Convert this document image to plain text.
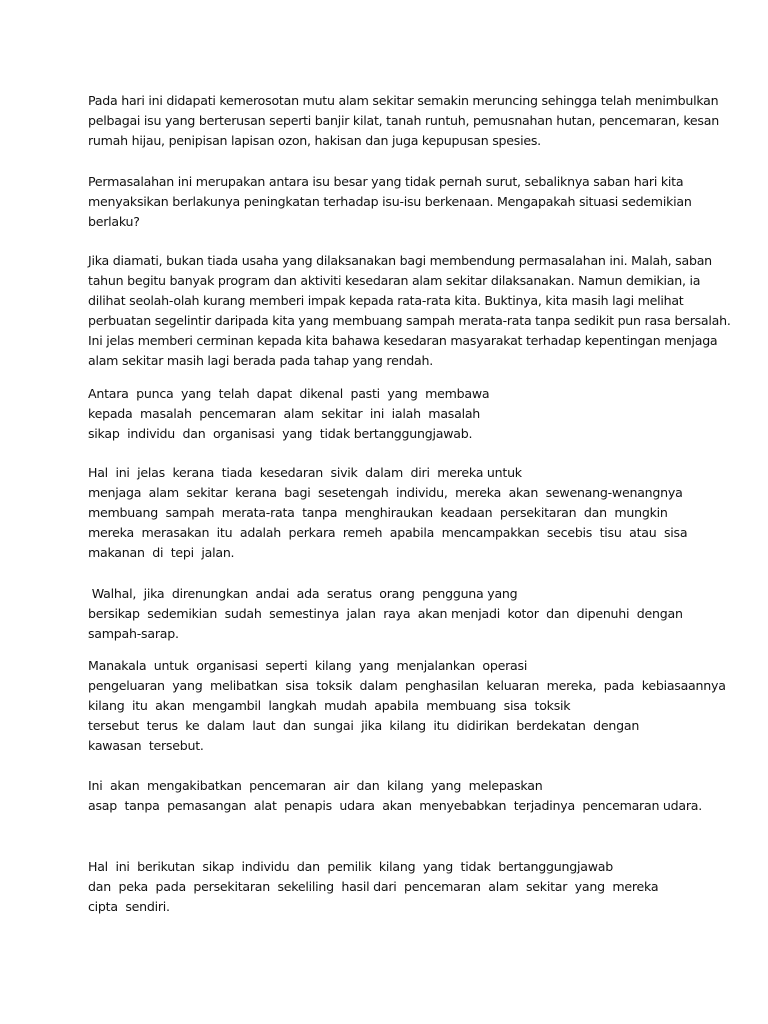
Pada hari ini didapati kemerosotan mutu alam sekitar semakin meruncing sehingga telah menimbulkan
pelbagai isu yang berterusan seperti banjir kilat, tanah runtuh, pemusnahan hutan, pencemaran, kesan
rumah hijau, penipisan lapisan ozon, hakisan dan juga kepupusan spesies.
Permasalahan ini merupakan antara isu besar yang tidak pernah surut, sebaliknya saban hari kita
menyaksikan berlakunya peningkatan terhadap isu-isu berkenaan. Mengapakah situasi sedemikian
berlaku?
Jika diamati, bukan tiada usaha yang dilaksanakan bagi membendung permasalahan ini. Malah, saban
tahun begitu banyak program dan aktiviti kesedaran alam sekitar dilaksanakan. Namun demikian, ia
dilihat seolah-olah kurang memberi impak kepada rata-rata kita. Buktinya, kita masih lagi melihat
perbuatan segelintir daripada kita yang membuang sampah merata-rata tanpa sedikit pun rasa bersalah.
Ini jelas memberi cerminan kepada kita bahawa kesedaran masyarakat terhadap kepentingan menjaga
alam sekitar masih lagi berada pada tahap yang rendah.
Antara  punca  yang  telah  dapat  dikenal  pasti  yang  membawa
kepada  masalah  pencemaran  alam  sekitar  ini  ialah  masalah
sikap  individu  dan  organisasi  yang  tidak bertanggungjawab.
Hal  ini  jelas  kerana  tiada  kesedaran  sivik  dalam  diri  mereka untuk
menjaga  alam  sekitar  kerana  bagi  sesetengah  individu,  mereka  akan  sewenang-wenangnya
membuang  sampah  merata-rata  tanpa  menghiraukan  keadaan  persekitaran  dan  mungkin
mereka  merasakan  itu  adalah  perkara  remeh  apabila  mencampakkan  secebis  tisu  atau  sisa
makanan  di  tepi  jalan.
Walhal,  jika  direnungkan  andai  ada  seratus  orang  pengguna yang
bersikap  sedemikian  sudah  semestinya  jalan  raya  akan menjadi  kotor  dan  dipenuhi  dengan
sampah-sarap.
Manakala  untuk  organisasi  seperti  kilang  yang  menjalankan  operasi
pengeluaran  yang  melibatkan  sisa  toksik  dalam  penghasilan  keluaran  mereka,  pada  kebiasaannya
kilang  itu  akan  mengambil  langkah  mudah  apabila  membuang  sisa  toksik
tersebut  terus  ke  dalam  laut  dan  sungai  jika  kilang  itu  didirikan  berdekatan  dengan
kawasan  tersebut.
Ini  akan  mengakibatkan  pencemaran  air  dan  kilang  yang  melepaskan
asap  tanpa  pemasangan  alat  penapis  udara  akan  menyebabkan  terjadinya  pencemaran udara.
Hal  ini  berikutan  sikap  individu  dan  pemilik  kilang  yang  tidak  bertanggungjawab
dan  peka  pada  persekitaran  sekeliling  hasil dari  pencemaran  alam  sekitar  yang  mereka
cipta  sendiri.
